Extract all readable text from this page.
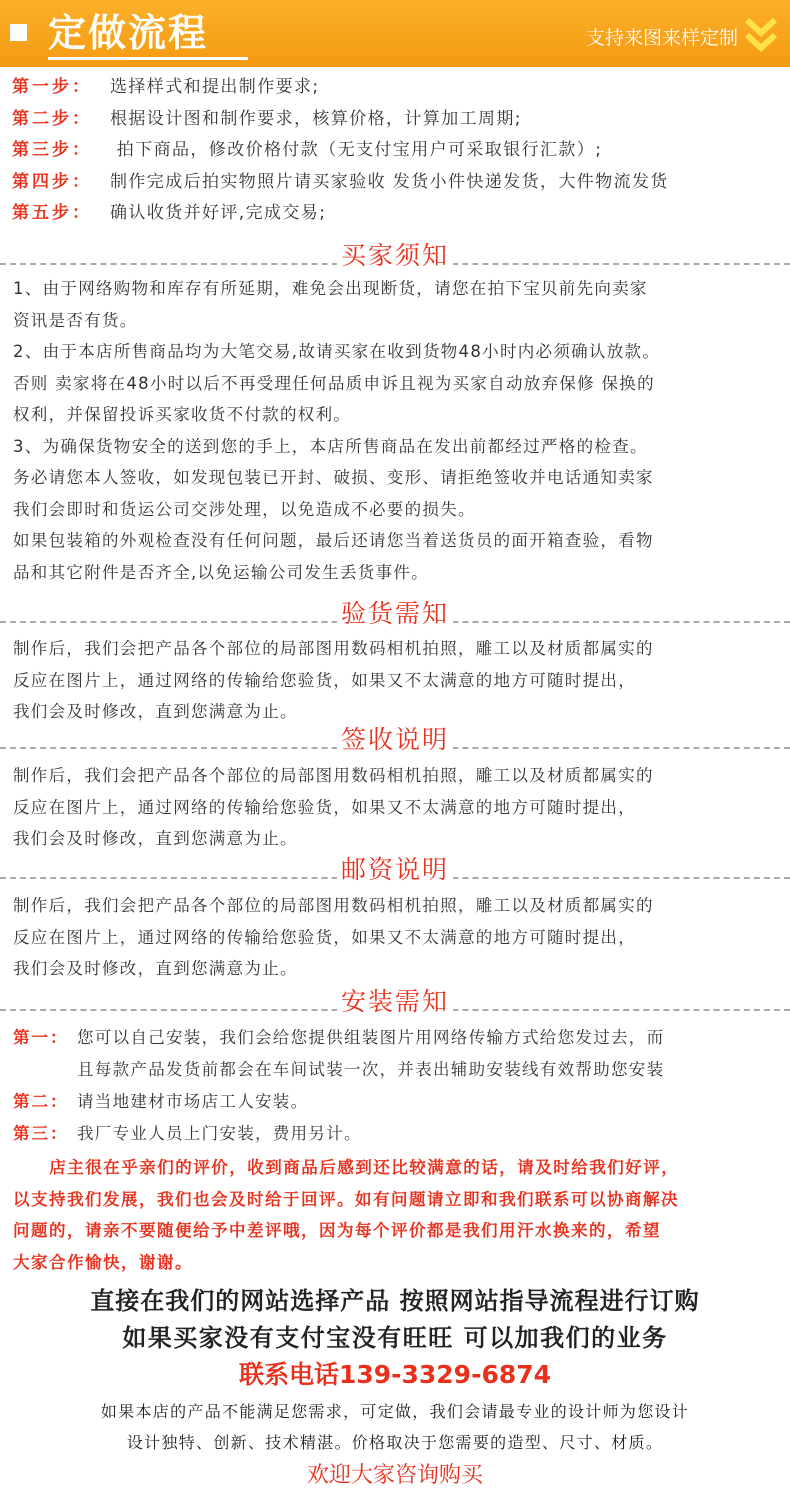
定做流程	支持来图来样定制
第一步： 选择样式和提出制作要求;
第二步： 根据设计图和制作要求，核算价格，计算加工周期;
第三步： 拍下商品，修改价格付款（无支付宝用户可采取银行汇款）;
第四步： 制作完成后拍实物照片请买家验收 发货小件快递发货，大件物流发货
第五步： 确认收货并好评,完成交易;
买家须知

1、由于网络购物和库存有所延期，难免会出现断货，请您在拍下宝贝前先向卖家

资讯是否有货。

2、由于本店所售商品均为大笔交易,故请买家在收到货物48小时内必须确认放款。

否则 卖家将在48小时以后不再受理任何品质申诉且视为买家自动放弃保修 保换的

权利，并保留投诉买家收货不付款的权利。

3、为确保货物安全的送到您的手上，本店所售商品在发出前都经过严格的检查。

务必请您本人签收，如发现包装已开封、破损、变形、请拒绝签收并电话通知卖家

我们会即时和货运公司交涉处理，以免造成不必要的损失。

如果包装箱的外观检查没有任何问题，最后还请您当着送货员的面开箱查验，看物

品和其它附件是否齐全,以免运输公司发生丢货事件。

验货需知

制作后，我们会把产品各个部位的局部图用数码相机拍照，雕工以及材质都属实的

反应在图片上，通过网络的传输给您验货，如果又不太满意的地方可随时提出，

我们会及时修改，直到您满意为止。

签收说明

制作后，我们会把产品各个部位的局部图用数码相机拍照，雕工以及材质都属实的

反应在图片上，通过网络的传输给您验货，如果又不太满意的地方可随时提出，

我们会及时修改，直到您满意为止。

邮资说明

制作后，我们会把产品各个部位的局部图用数码相机拍照，雕工以及材质都属实的

反应在图片上，通过网络的传输给您验货，如果又不太满意的地方可随时提出，

我们会及时修改，直到您满意为止。

安装需知
第一： 您可以自己安装，我们会给您提供组装图片用网络传输方式给您发过去，而
且每款产品发货前都会在车间试装一次，并表出辅助安装线有效帮助您安装
第二： 请当地建材市场店工人安装。
第三： 我厂专业人员上门安装，费用另计。

店主很在乎亲们的评价，收到商品后感到还比较满意的话，请及时给我们好评，

以支持我们发展，我们也会及时给于回评。如有问题请立即和我们联系可以协商解决

问题的，请亲不要随便给予中差评哦，因为每个评价都是我们用汗水换来的，希望

大家合作愉快，谢谢。

直接在我们的网站选择产品 按照网站指导流程进行订购
如果买家没有支付宝没有旺旺 可以加我们的业务
联系电话139-3329-6874
如果本店的产品不能满足您需求，可定做，我们会请最专业的设计师为您设计
设计独特、创新、技术精湛。价格取决于您需要的造型、尺寸、材质。
欢迎大家咨询购买
